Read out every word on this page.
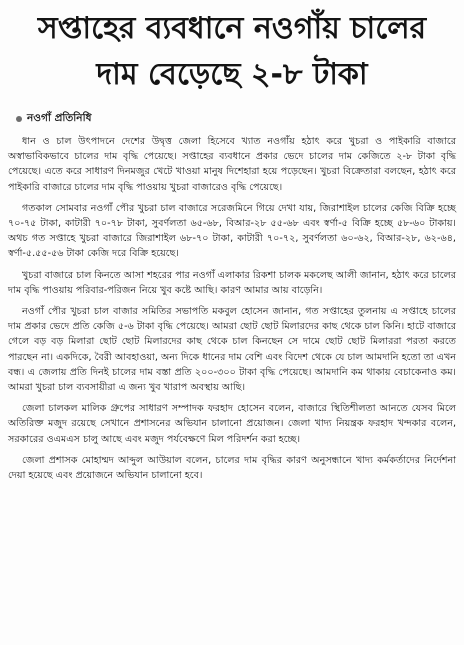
সপ্তাহের ব্যবধানে নওগাঁয় চালের
দাম বেড়েছে ২-৮ টাকা
নওগাঁ প্রতিনিধি

ধান ও চাল উৎপাদনে দেশের উদ্বৃত্ত জেলা হিসেবে খ্যাত নওগাঁয় হঠাৎ করে খুচরা ও পাইকারি বাজারে অস্বাভাবিকভাবে চালের দাম বৃদ্ধি পেয়েছে। সপ্তাহের ব্যবধানে প্রকার ভেদে চালের দাম কেজিতে ২-৮ টাকা বৃদ্ধি পেয়েছে। এতে করে সাধারণ দিনমজুর খেটে খাওয়া মানুষ দিশেহারা হয়ে পড়েছেন। খুচরা বিক্রেতারা বলছেন, হঠাৎ করে পাইকারি বাজারে চালের দাম বৃদ্ধি পাওয়ায় খুচরা বাজারেও বৃদ্ধি পেয়েছে।

গতকাল সোমবার নওগাঁ পৌর খুচরা চাল বাজারে সরেজমিনে গিয়ে দেখা যায়, জিরাশাইল চালের কেজি বিক্রি হচ্ছে ৭০-৭৫ টাকা, কাটারী ৭০-৭৮ টাকা, সুবর্ণলতা ৬৫-৬৮, বিআর-২৮ ৫৫-৬৮ এবং স্বর্ণা-৫ বিক্রি হচ্ছে ৫৮-৬০ টাকায়। অথচ গত সপ্তাহে খুচরা বাজারে জিরাশাইল ৬৮-৭০ টাকা, কাটারী ৭০-৭২, সুবর্ণলতা ৬০-৬২, বিআর-২৮, ৬২-৬৪, স্বর্ণা-৫.৫৫-৫৬ টাকা কেজি দরে বিক্রি হয়েছে।

খুচরা বাজারে চাল কিনতে আসা শহরের পার নওগাঁ এলাকার রিকশা চালক মকলেছ আলী জানান, হঠাৎ করে চালের দাম বৃদ্ধি পাওয়ায় পরিবার-পরিজন নিয়ে খুব কষ্টে আছি। কারণ আমার আয় বাড়েনি।

নওগাঁ পৌর খুচরা চাল বাজার সমিতির সভাপতি মকবুল হোসেন জানান, গত সপ্তাহের তুলনায় এ সপ্তাহে চালের দাম প্রকার ভেদে প্রতি কেজি ৫-৬ টাকা বৃদ্ধি পেয়েছে। আমরা ছোট ছোট মিলারদের কাছ থেকে চাল কিনি। হাটে বাজারে গেলে বড় বড় মিলারা ছোট ছোট মিলারদের কাছ থেকে চাল কিনছেন সে দামে ছোট ছোট মিলাররা পরতা করতে পারছেন না। একদিকে, বৈরী আবহাওয়া, অন্য দিকে ধানের দাম বেশি এবং বিদেশ থেকে যে চাল আমদানি হতো তা এখন বন্ধ। এ জেলায় প্রতি দিনই চালের দাম বস্তা প্রতি ২০০-৩০০ টাকা বৃদ্ধি পেয়েছে। আমদানি কম থাকায় বেচাকেনাও কম। আমরা খুচরা চাল ব্যবসায়ীরা এ জন্য খুব খারাপ অবস্থায় আছি।

জেলা চালকল মালিক গ্রুপের সাধারণ সম্পাদক ফরহাদ হোসেন বলেন, বাজারে স্থিতিশীলতা আনতে যেসব মিলে অতিরিক্ত মজুদ রয়েছে সেখানে প্রশাসনের অভিযান চালানো প্রয়োজন। জেলা খাদ্য নিয়ন্ত্রক ফরহাদ খন্দকার বলেন, সরকারের ওএমএস চালু আছে এবং মজুদ পর্যবেক্ষণে মিল পরিদর্শন করা হচ্ছে।

জেলা প্রশাসক মোহাম্মদ আব্দুল আউয়াল বলেন, চালের দাম বৃদ্ধির কারণ অনুসন্ধানে খাদ্য কর্মকর্তাদের নির্দেশনা দেয়া হয়েছে এবং প্রয়োজনে অভিযান চালানো হবে।
